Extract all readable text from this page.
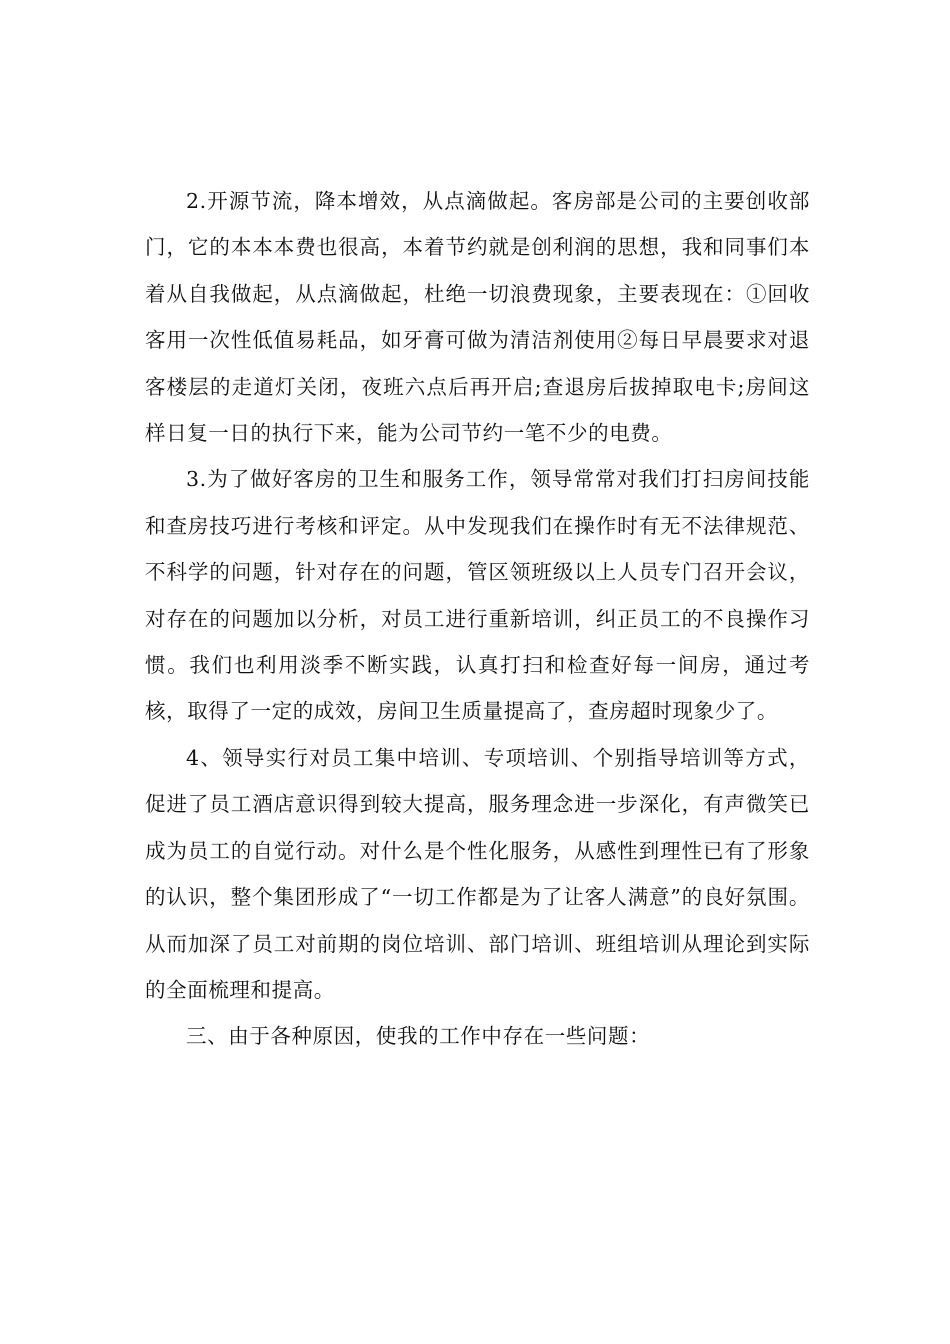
2.开源节流，降本增效，从点滴做起。客房部是公司的主要创收部门，它的本本本费也很高，本着节约就是创利润的思想，我和同事们本着从自我做起，从点滴做起，杜绝一切浪费现象，主要表现在：①回收客用一次性低值易耗品，如牙膏可做为清洁剂使用②每日早晨要求对退客楼层的走道灯关闭，夜班六点后再开启;查退房后拔掉取电卡;房间这样日复一日的执行下来，能为公司节约一笔不少的电费。

3.为了做好客房的卫生和服务工作，领导常常对我们打扫房间技能和查房技巧进行考核和评定。从中发现我们在操作时有无不法律规范、不科学的问题，针对存在的问题，管区领班级以上人员专门召开会议，对存在的问题加以分析，对员工进行重新培训，纠正员工的不良操作习惯。我们也利用淡季不断实践，认真打扫和检查好每一间房，通过考核，取得了一定的成效，房间卫生质量提高了，查房超时现象少了。

4、领导实行对员工集中培训、专项培训、个别指导培训等方式，促进了员工酒店意识得到较大提高，服务理念进一步深化，有声微笑已成为员工的自觉行动。对什么是个性化服务，从感性到理性已有了形象的认识，整个集团形成了“一切工作都是为了让客人满意”的良好氛围。从而加深了员工对前期的岗位培训、部门培训、班组培训从理论到实际的全面梳理和提高。

三、由于各种原因，使我的工作中存在一些问题：
